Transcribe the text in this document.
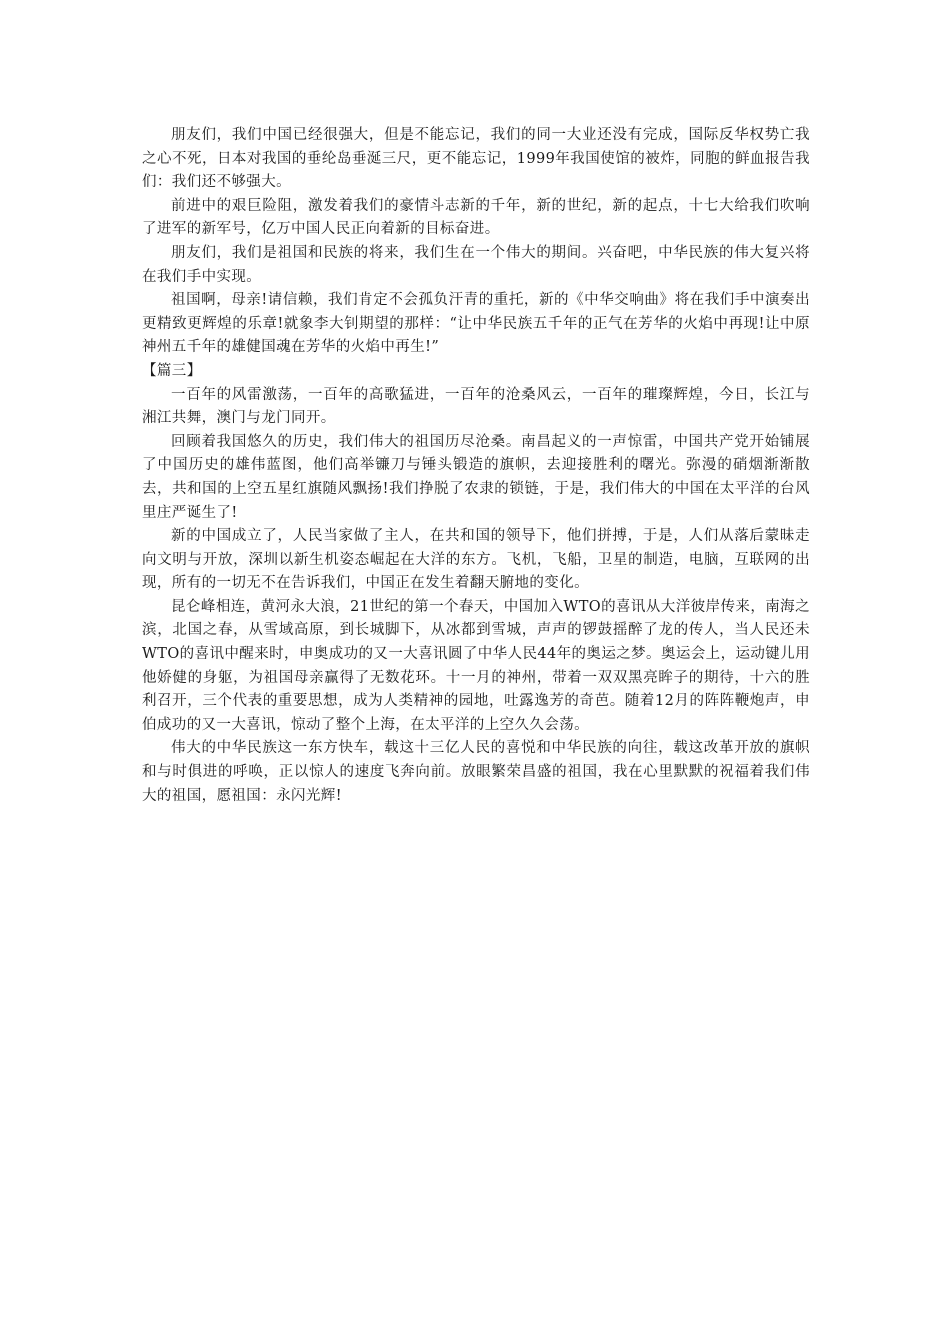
朋友们，我们中国已经很强大，但是不能忘记，我们的同一大业还没有完成，国际反华权势亡我之心不死，日本对我国的垂纶岛垂涎三尺，更不能忘记，1999年我国使馆的被炸，同胞的鲜血报告我们：我们还不够强大。

前进中的艰巨险阻，激发着我们的豪情斗志新的千年，新的世纪，新的起点，十七大给我们吹响了进军的新军号，亿万中国人民正向着新的目标奋进。

朋友们，我们是祖国和民族的将来，我们生在一个伟大的期间。兴奋吧，中华民族的伟大复兴将在我们手中实现。

祖国啊，母亲!请信赖，我们肯定不会孤负汗青的重托，新的《中华交响曲》将在我们手中演奏出更精致更辉煌的乐章!就象李大钊期望的那样：“让中华民族五千年的正气在芳华的火焰中再现!让中原神州五千年的雄健国魂在芳华的火焰中再生!”

【篇三】

一百年的风雷激荡，一百年的高歌猛进，一百年的沧桑风云，一百年的璀璨辉煌，今日，长江与湘江共舞，澳门与龙门同开。

回顾着我国悠久的历史，我们伟大的祖国历尽沧桑。南昌起义的一声惊雷，中国共产党开始铺展了中国历史的雄伟蓝图，他们高举镰刀与锤头锻造的旗帜，去迎接胜利的曙光。弥漫的硝烟渐渐散去，共和国的上空五星红旗随风飘扬!我们挣脱了农隶的锁链，于是，我们伟大的中国在太平洋的台风里庄严诞生了!

新的中国成立了，人民当家做了主人，在共和国的领导下，他们拼搏，于是，人们从落后蒙昧走向文明与开放，深圳以新生机姿态崛起在大洋的东方。飞机，飞船，卫星的制造，电脑，互联网的出现，所有的一切无不在告诉我们，中国正在发生着翻天腑地的变化。

昆仑峰相连，黄河永大浪，21世纪的第一个春天，中国加入WTO的喜讯从大洋彼岸传来，南海之滨，北国之春，从雪域高原，到长城脚下，从冰都到雪城，声声的锣鼓摇醉了龙的传人，当人民还未WTO的喜讯中醒来时，申奥成功的又一大喜讯圆了中华人民44年的奥运之梦。奥运会上，运动键儿用他娇健的身躯，为祖国母亲赢得了无数花环。十一月的神州，带着一双双黑亮眸子的期待，十六的胜利召开，三个代表的重要思想，成为人类精神的园地，吐露逸芳的奇芭。随着12月的阵阵鞭炮声，申伯成功的又一大喜讯，惊动了整个上海，在太平洋的上空久久会荡。

伟大的中华民族这一东方快车，载这十三亿人民的喜悦和中华民族的向往，载这改革开放的旗帜和与时俱进的呼唤，正以惊人的速度飞奔向前。放眼繁荣昌盛的祖国，我在心里默默的祝福着我们伟大的祖国，愿祖国：永闪光辉!
